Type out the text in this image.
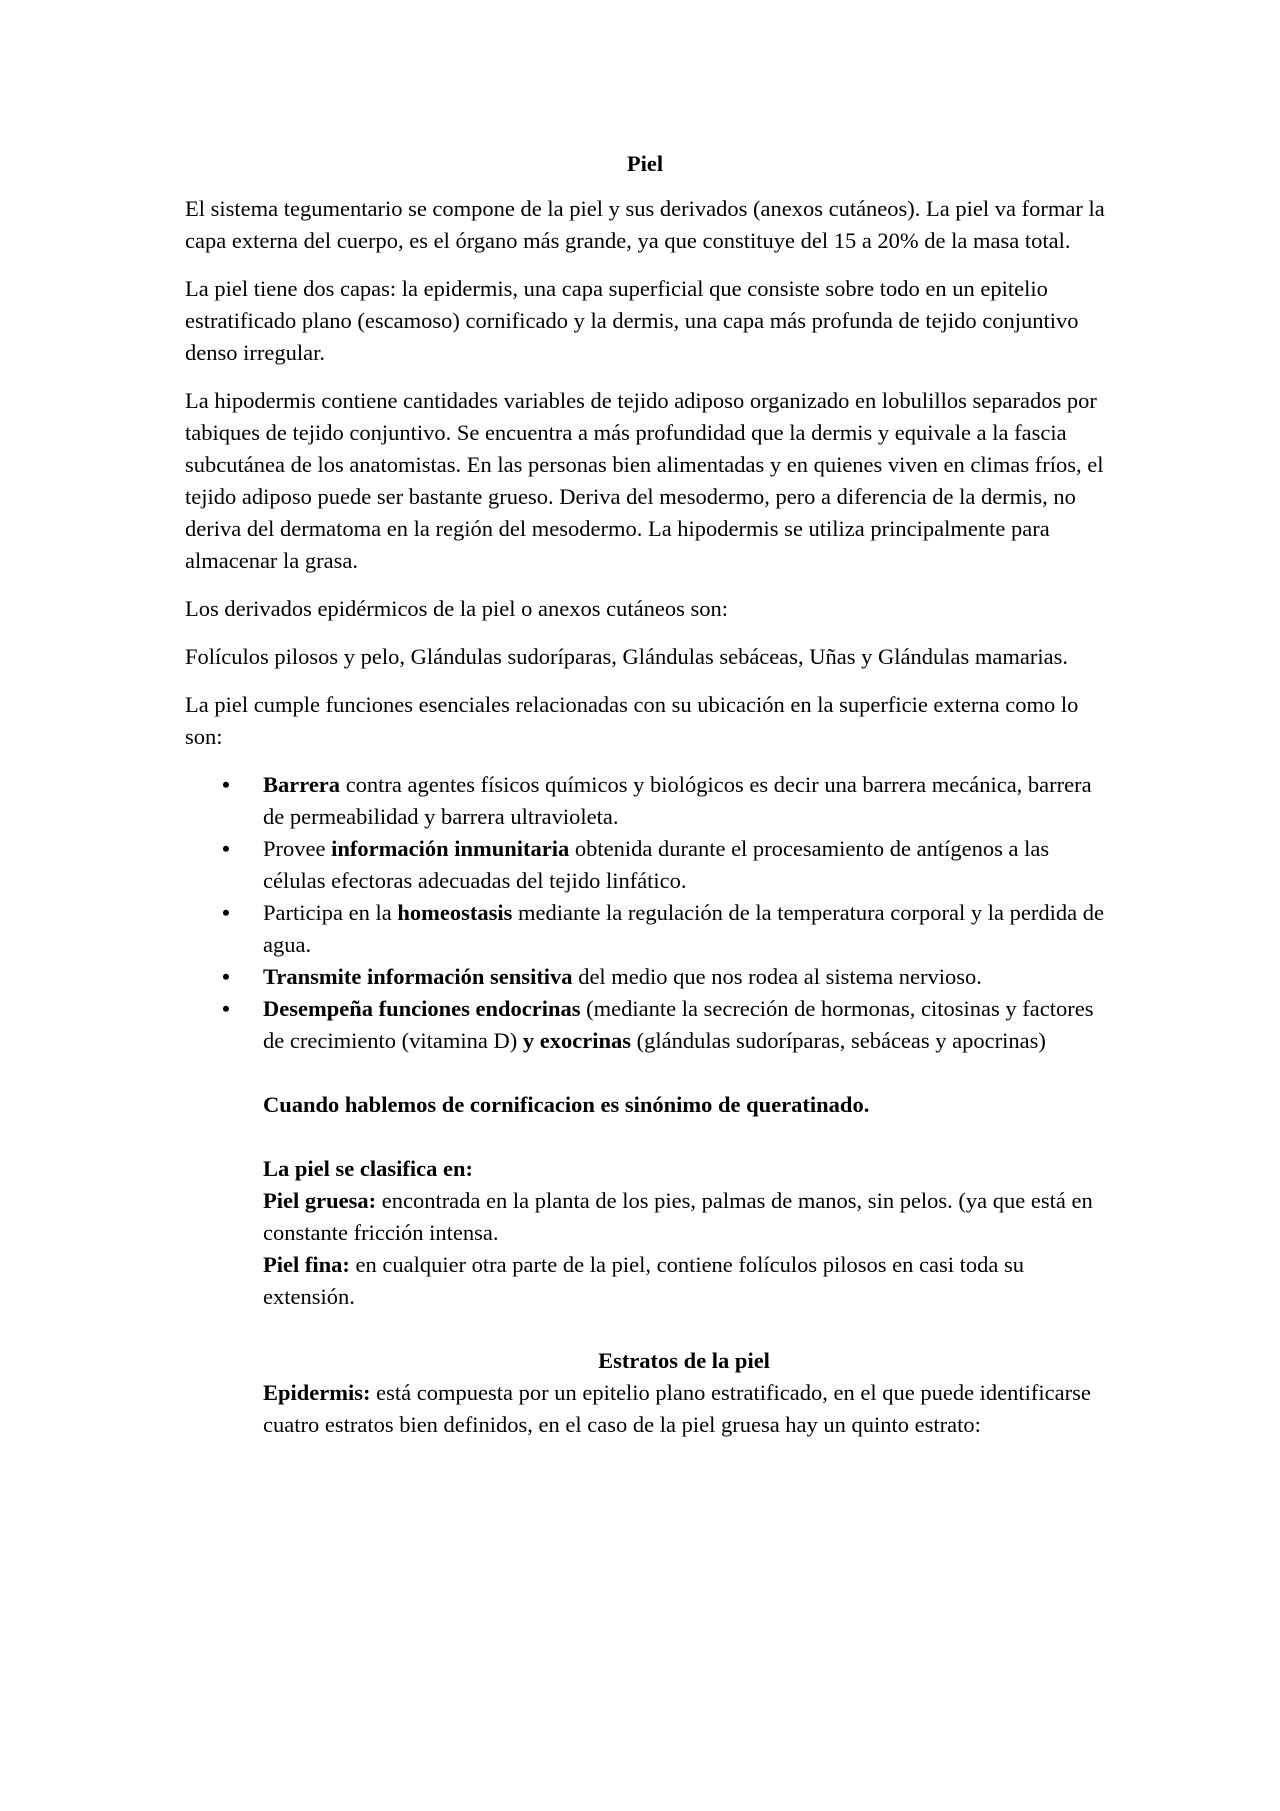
Piel

El sistema tegumentario se compone de la piel y sus derivados (anexos cutáneos). La piel va formar la capa externa del cuerpo, es el órgano más grande, ya que constituye del 15 a 20% de la masa total.

La piel tiene dos capas: la epidermis, una capa superficial que consiste sobre todo en un epitelio estratificado plano (escamoso) cornificado y la dermis, una capa más profunda de tejido conjuntivo denso irregular.

La hipodermis contiene cantidades variables de tejido adiposo organizado en lobulillos separados por tabiques de tejido conjuntivo. Se encuentra a más profundidad que la dermis y equivale a la fascia subcutánea de los anatomistas. En las personas bien alimentadas y en quienes viven en climas fríos, el tejido adiposo puede ser bastante grueso. Deriva del mesodermo, pero a diferencia de la dermis, no deriva del dermatoma en la región del mesodermo. La hipodermis se utiliza principalmente para almacenar la grasa.

Los derivados epidérmicos de la piel o anexos cutáneos son:

Folículos pilosos y pelo, Glándulas sudoríparas, Glándulas sebáceas, Uñas y Glándulas mamarias.

La piel cumple funciones esenciales relacionadas con su ubicación en la superficie externa como lo son:

• Barrera contra agentes físicos químicos y biológicos es decir una barrera mecánica, barrera de permeabilidad y barrera ultravioleta.
• Provee información inmunitaria obtenida durante el procesamiento de antígenos a las células efectoras adecuadas del tejido linfático.
• Participa en la homeostasis mediante la regulación de la temperatura corporal y la perdida de agua.
• Transmite información sensitiva del medio que nos rodea al sistema nervioso.
• Desempeña funciones endocrinas (mediante la secreción de hormonas, citosinas y factores de crecimiento (vitamina D) y exocrinas (glándulas sudoríparas, sebáceas y apocrinas)
Cuando hablemos de cornificacion es sinónimo de queratinado.
La piel se clasifica en:
Piel gruesa: encontrada en la planta de los pies, palmas de manos, sin pelos. (ya que está en constante fricción intensa.
Piel fina: en cualquier otra parte de la piel, contiene folículos pilosos en casi toda su extensión.
Estratos de la piel
Epidermis: está compuesta por un epitelio plano estratificado, en el que puede identificarse cuatro estratos bien definidos, en el caso de la piel gruesa hay un quinto estrato:
